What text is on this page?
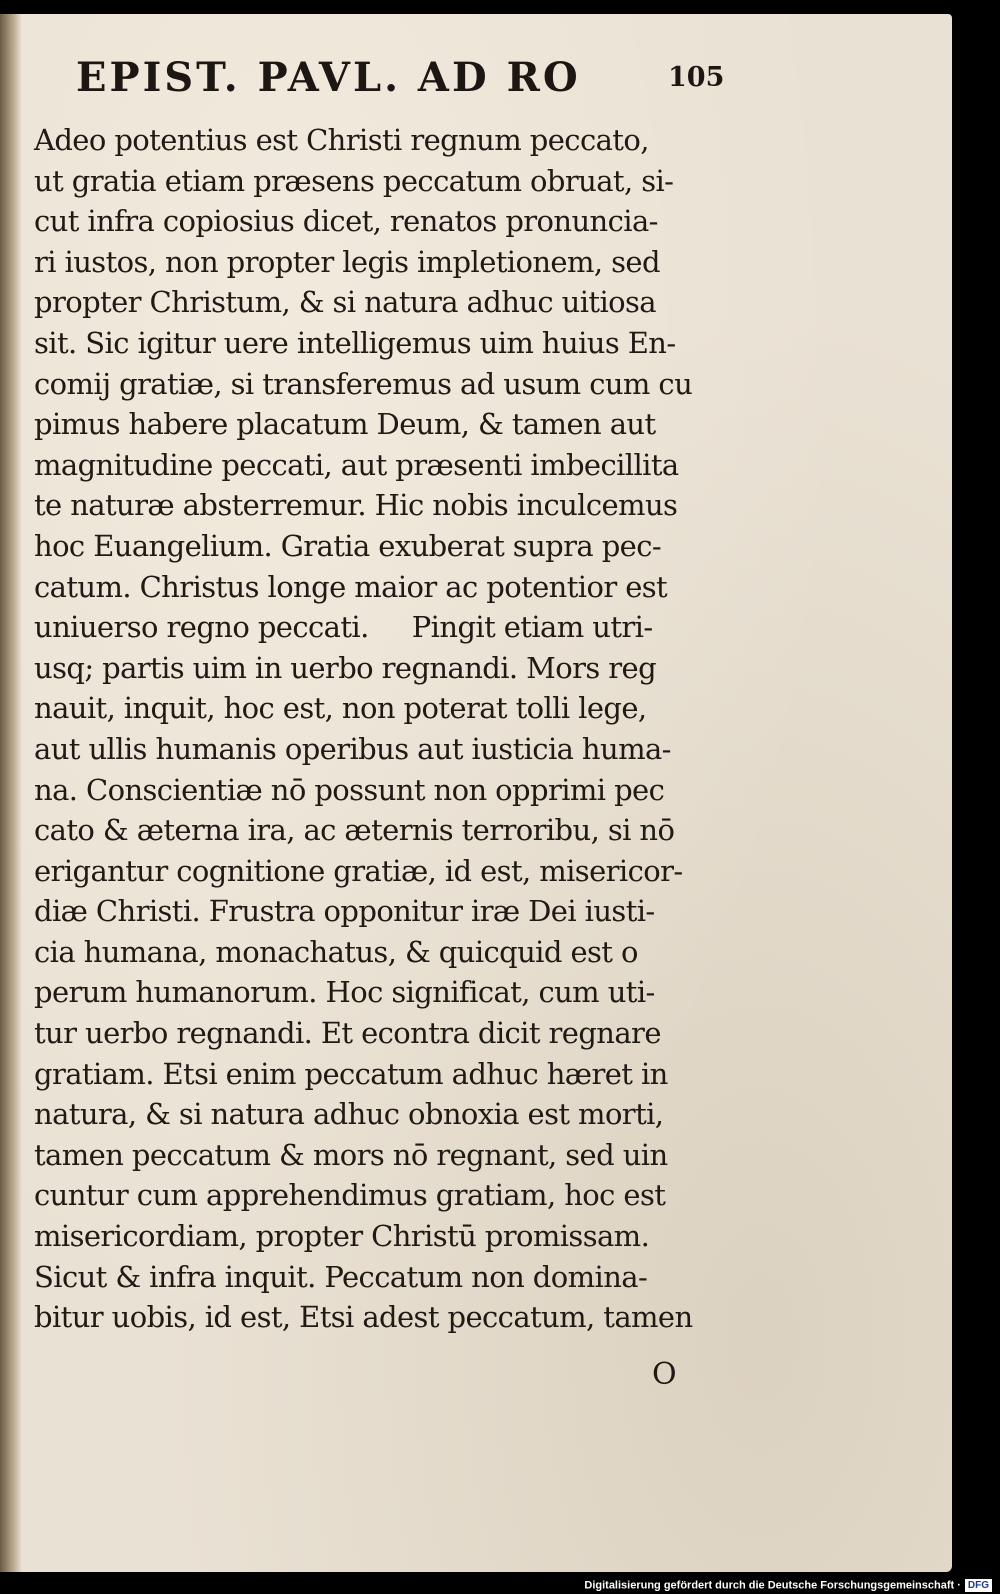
EPIST. PAVL. AD RO	105
Adeo potentius est Christi regnum peccato,
ut gratia etiam præsens peccatum obruat, si-
cut infra copiosius dicet, renatos pronuncia-
ri iustos, non propter legis impletionem, sed
propter Christum, & si natura adhuc uitiosa
sit. Sic igitur uere intelligemus uim huius En-
comij gratiæ, si transferemus ad usum cum cu
pimus habere placatum Deum, & tamen aut
magnitudine peccati, aut præsenti imbecillita
te naturæ absterremur. Hic nobis inculcemus
hoc Euangelium. Gratia exuberat supra pec-
catum. Christus longe maior ac potentior est
uniuerso regno peccati.     Pingit etiam utri-
usq; partis uim in uerbo regnandi. Mors reg
nauit, inquit, hoc est, non poterat tolli lege,
aut ullis humanis operibus aut iusticia huma-
na. Conscientiæ nō possunt non opprimi pec
cato & æterna ira, ac æternis terroribu, si nō
erigantur cognitione gratiæ, id est, misericor-
diæ Christi. Frustra opponitur iræ Dei iusti-
cia humana, monachatus, & quicquid est o
perum humanorum. Hoc significat, cum uti-
tur uerbo regnandi. Et econtra dicit regnare
gratiam. Etsi enim peccatum adhuc hæret in
natura, & si natura adhuc obnoxia est morti,
tamen peccatum & mors nō regnant, sed uin
cuntur cum apprehendimus gratiam, hoc est
misericordiam, propter Christū promissam.
Sicut & infra inquit. Peccatum non domina-
bitur uobis, id est, Etsi adest peccatum, tamen
O
Digitalisierung gefördert durch die Deutsche Forschungsgemeinschaft · DFG
